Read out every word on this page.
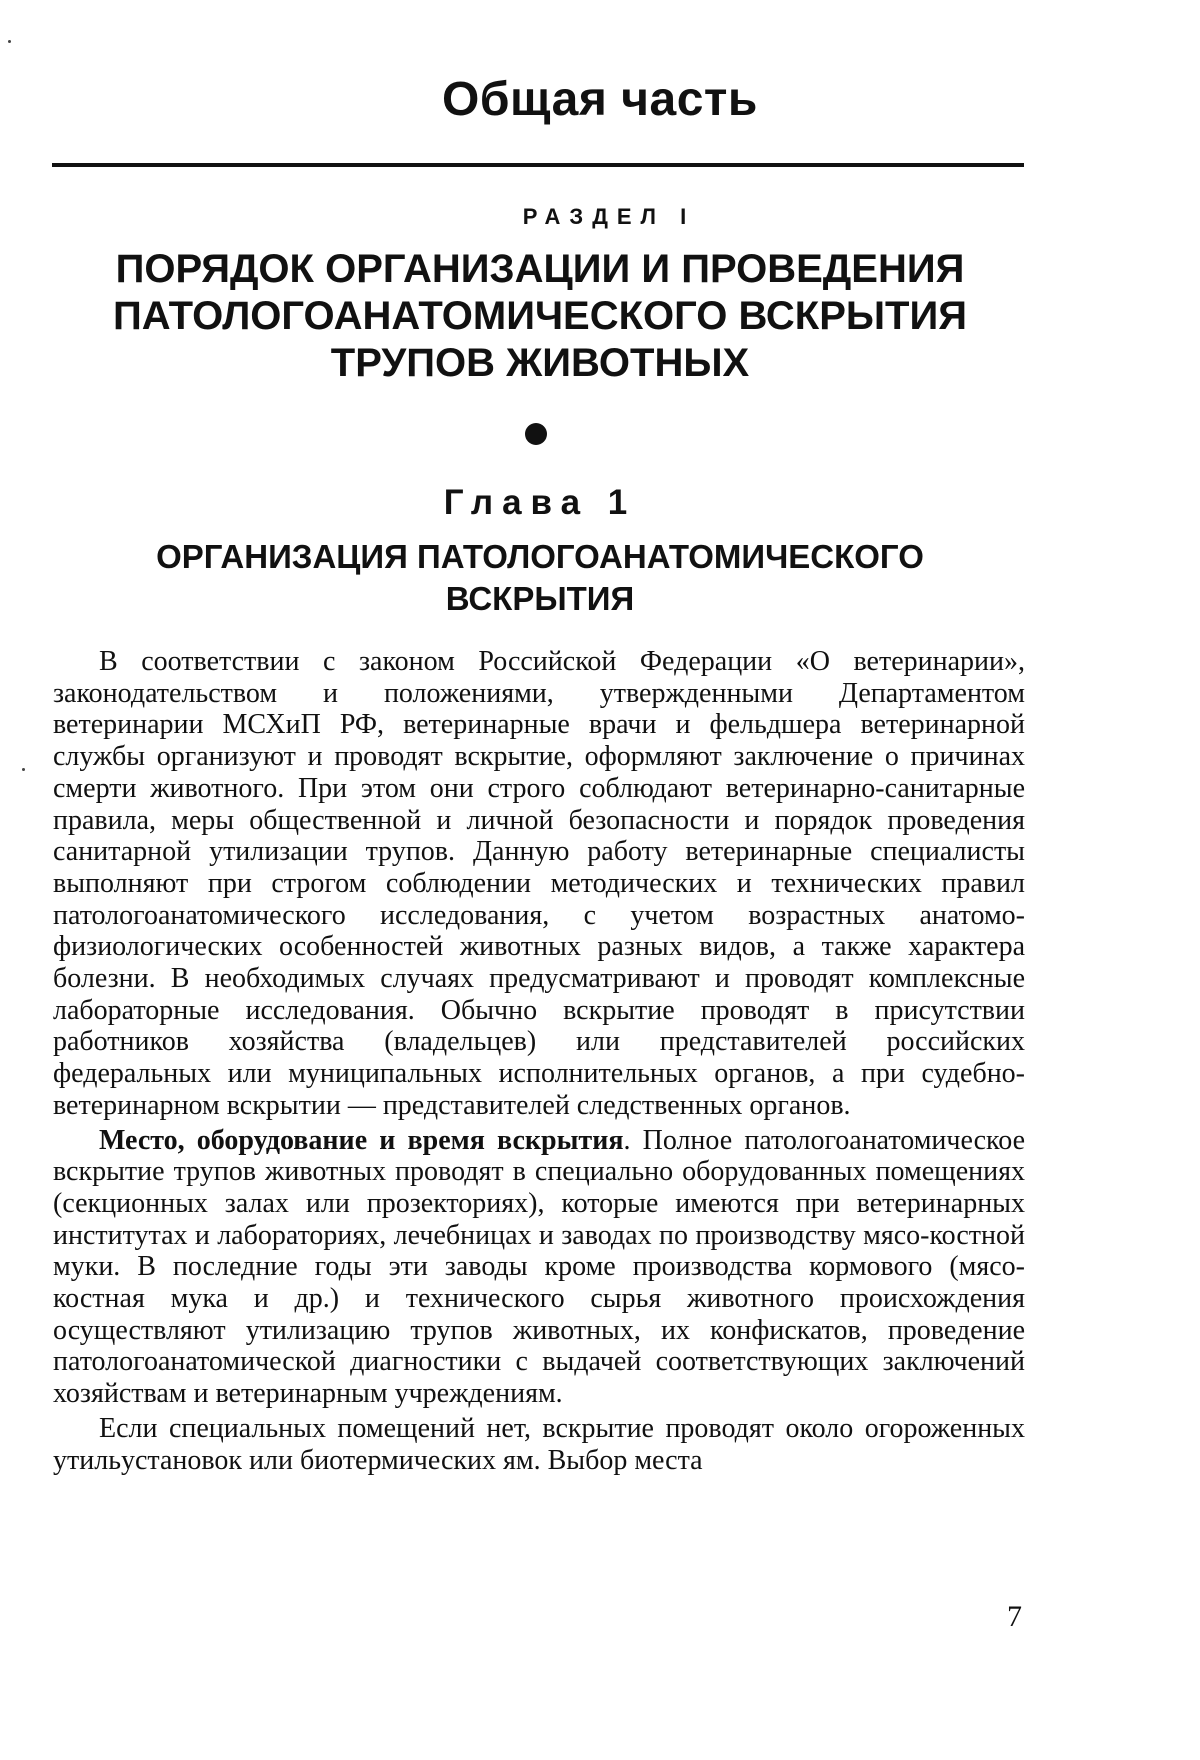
Общая часть
РАЗДЕЛ I
ПОРЯДОК ОРГАНИЗАЦИИ И ПРОВЕДЕНИЯ
ПАТОЛОГОАНАТОМИЧЕСКОГО ВСКРЫТИЯ
ТРУПОВ ЖИВОТНЫХ
Глава 1
ОРГАНИЗАЦИЯ ПАТОЛОГОАНАТОМИЧЕСКОГО
ВСКРЫТИЯ

В соответствии с законом Российской Федерации «О ветеринарии», законодательством и положениями, утвержденными Департаментом ветеринарии МСХиП РФ, ветеринарные врачи и фельдшера ветеринарной службы организуют и проводят вскрытие, оформляют заключение о причинах смерти животного. При этом они строго соблюдают ветеринарно-санитарные правила, меры общественной и личной безопасности и порядок проведения санитарной утилизации трупов. Данную работу ветеринарные специалисты выполняют при строгом соблюдении методических и технических правил патологоанатомического исследования, с учетом возрастных анатомо-физиологических особенностей животных разных видов, а также характера болезни. В необходимых случаях предусматривают и проводят комплексные лабораторные исследования. Обычно вскрытие проводят в присутствии работников хозяйства (владельцев) или представителей российских федеральных или муниципальных исполнительных органов, а при судебно-ветеринарном вскрытии — представителей следственных органов.

Место, оборудование и время вскрытия. Полное патологоанатомическое вскрытие трупов животных проводят в специально оборудованных помещениях (секционных залах или прозекториях), которые имеются при ветеринарных институтах и лабораториях, лечебницах и заводах по производству мясо-костной муки. В последние годы эти заводы кроме производства кормового (мясо-костная мука и др.) и технического сырья животного происхождения осуществляют утилизацию трупов животных, их конфискатов, проведение патологоанатомической диагностики с выдачей соответствующих заключений хозяйствам и ветеринарным учреждениям.

Если специальных помещений нет, вскрытие проводят около огороженных утильустановок или биотермических ям. Выбор места

7
